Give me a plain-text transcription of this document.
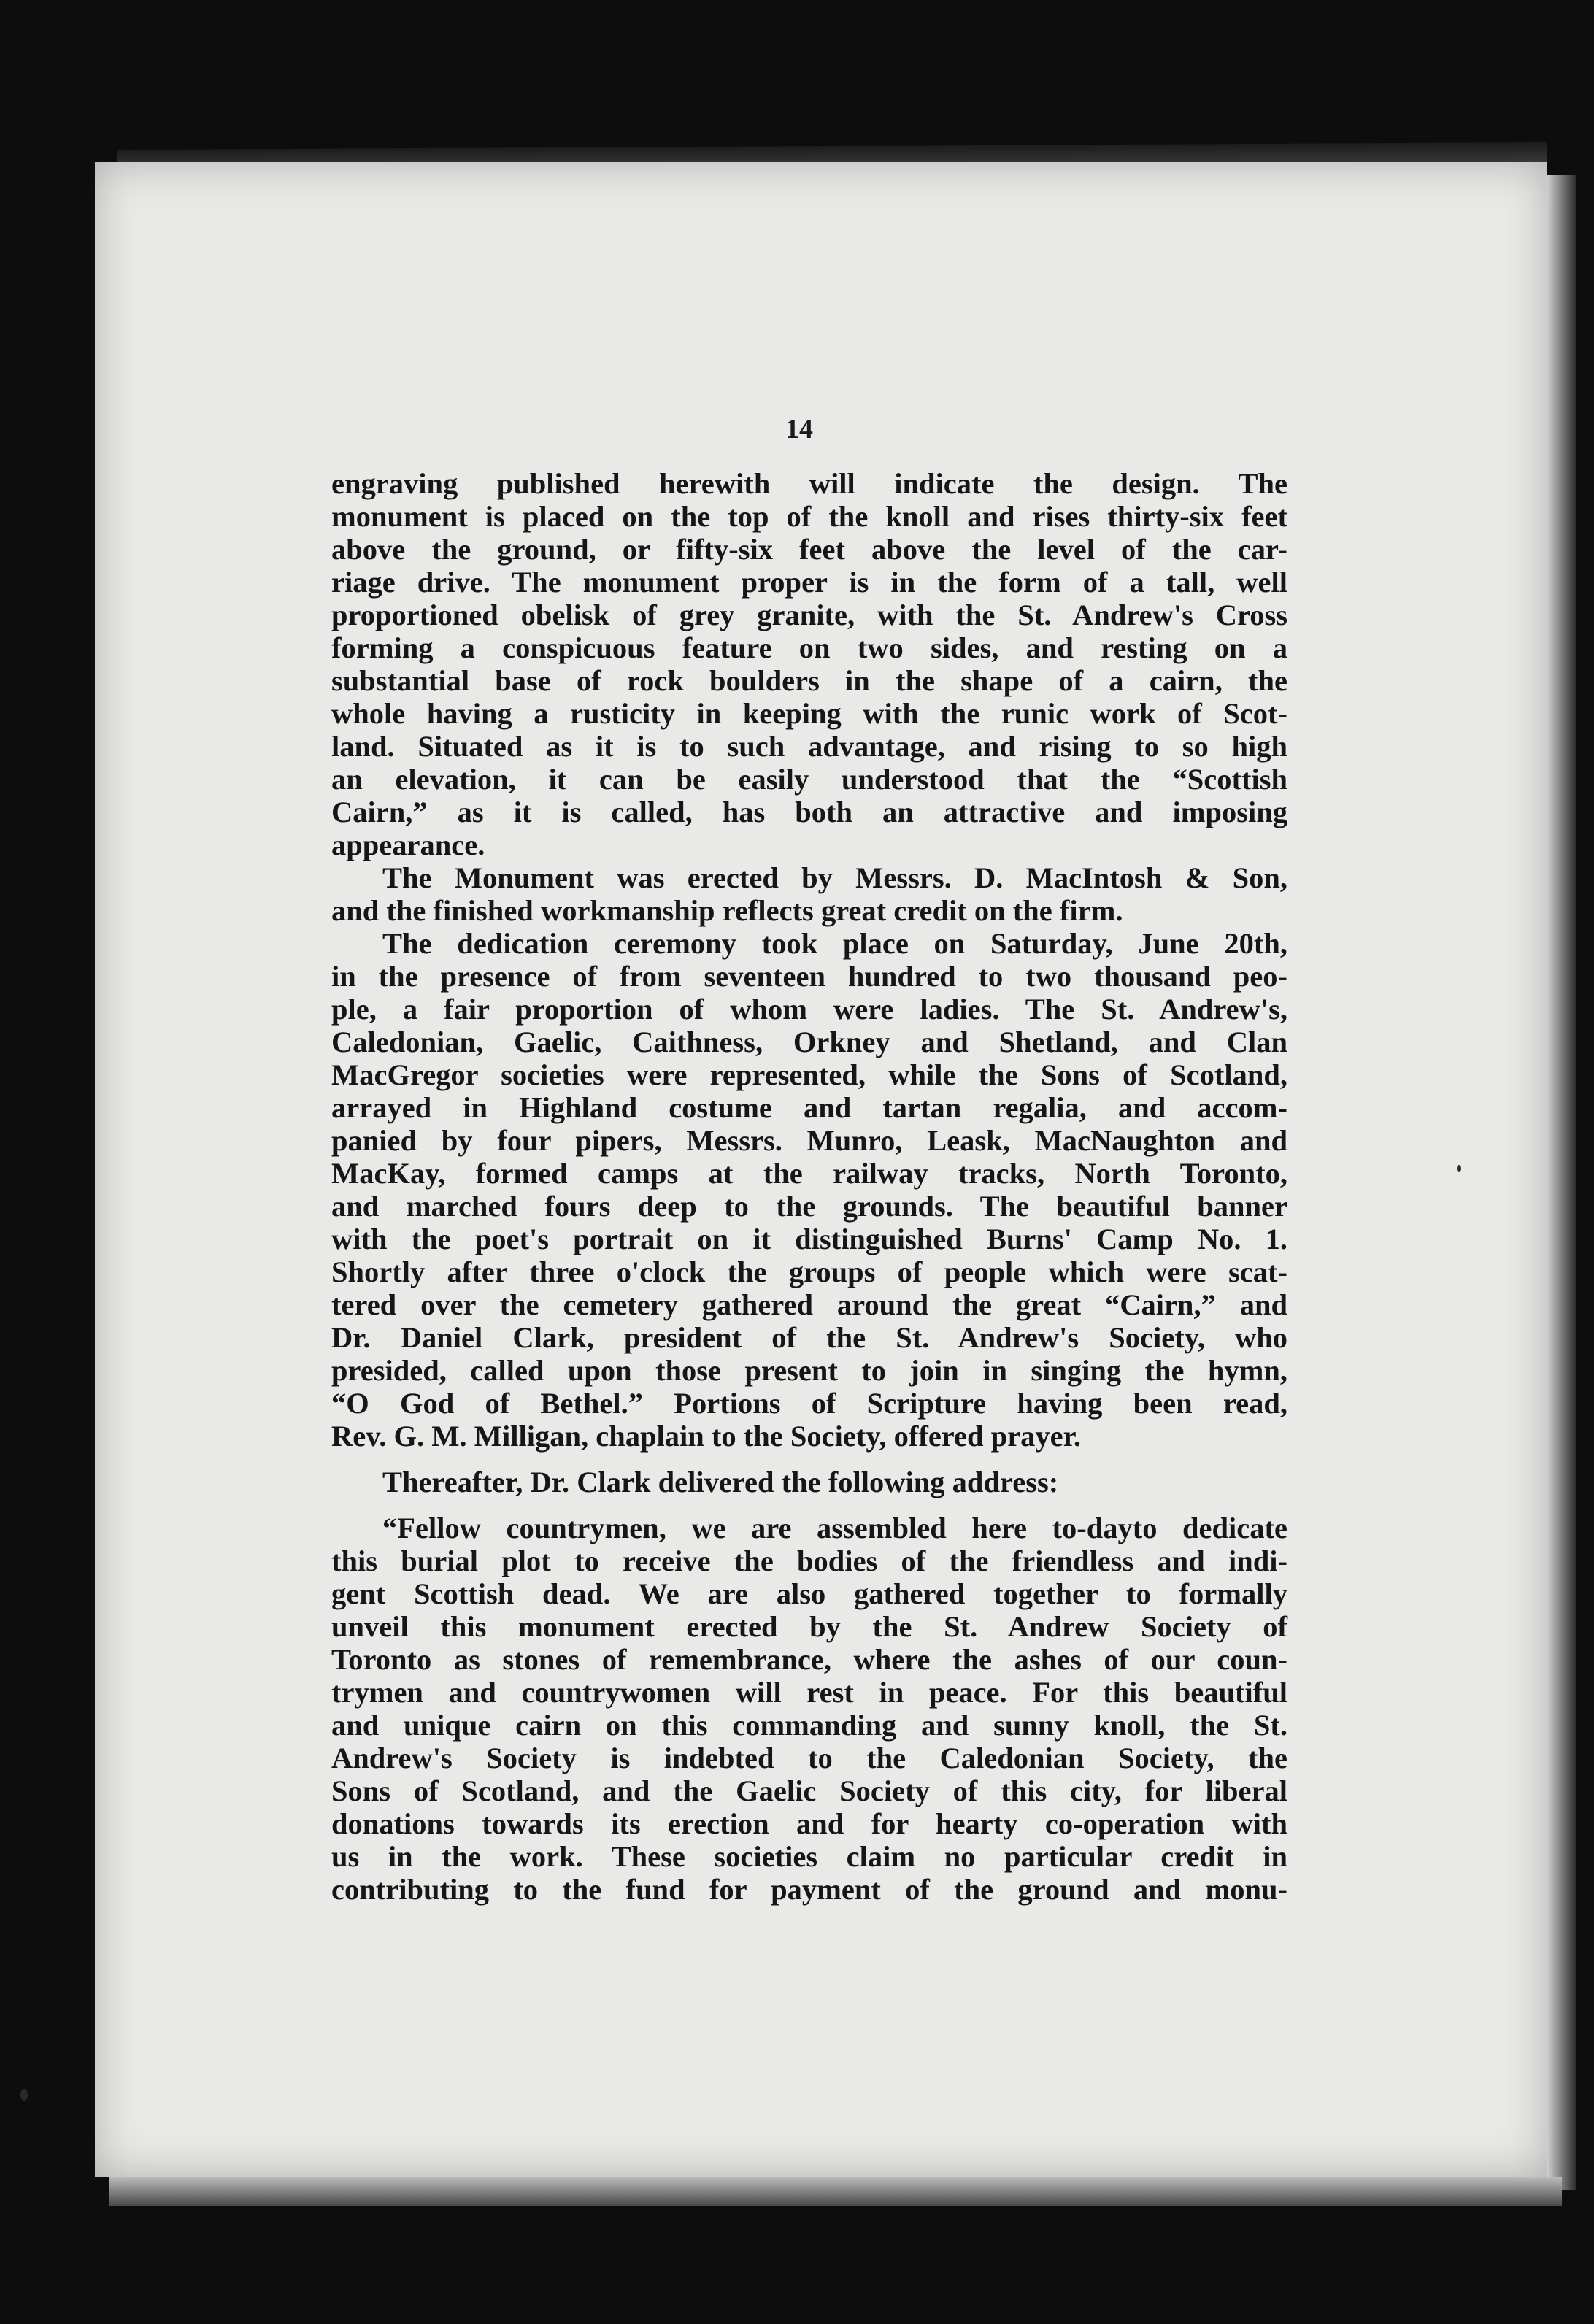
14
engraving published herewith will indicate the design. The
monument is placed on the top of the knoll and rises thirty-six feet
above the ground, or fifty-six feet above the level of the car-
riage drive. The monument proper is in the form of a tall, well
proportioned obelisk of grey granite, with the St. Andrew's Cross
forming a conspicuous feature on two sides, and resting on a
substantial base of rock boulders in the shape of a cairn, the
whole having a rusticity in keeping with the runic work of Scot-
land. Situated as it is to such advantage, and rising to so high
an elevation, it can be easily understood that the “Scottish
Cairn,” as it is called, has both an attractive and imposing
appearance.
The Monument was erected by Messrs. D. MacIntosh & Son,
and the finished workmanship reflects great credit on the firm.
The dedication ceremony took place on Saturday, June 20th,
in the presence of from seventeen hundred to two thousand peo-
ple, a fair proportion of whom were ladies. The St. Andrew's,
Caledonian, Gaelic, Caithness, Orkney and Shetland, and Clan
MacGregor societies were represented, while the Sons of Scotland,
arrayed in Highland costume and tartan regalia, and accom-
panied by four pipers, Messrs. Munro, Leask, MacNaughton and
MacKay, formed camps at the railway tracks, North Toronto,
and marched fours deep to the grounds. The beautiful banner
with the poet's portrait on it distinguished Burns' Camp No. 1.
Shortly after three o'clock the groups of people which were scat-
tered over the cemetery gathered around the great “Cairn,” and
Dr. Daniel Clark, president of the St. Andrew's Society, who
presided, called upon those present to join in singing the hymn,
“O God of Bethel.” Portions of Scripture having been read,
Rev. G. M. Milligan, chaplain to the Society, offered prayer.
Thereafter, Dr. Clark delivered the following address:
“Fellow countrymen, we are assembled here to-dayto dedicate
this burial plot to receive the bodies of the friendless and indi-
gent Scottish dead. We are also gathered together to formally
unveil this monument erected by the St. Andrew Society of
Toronto as stones of remembrance, where the ashes of our coun-
trymen and countrywomen will rest in peace. For this beautiful
and unique cairn on this commanding and sunny knoll, the St.
Andrew's Society is indebted to the Caledonian Society, the
Sons of Scotland, and the Gaelic Society of this city, for liberal
donations towards its erection and for hearty co-operation with
us in the work. These societies claim no particular credit in
contributing to the fund for payment of the ground and monu-
